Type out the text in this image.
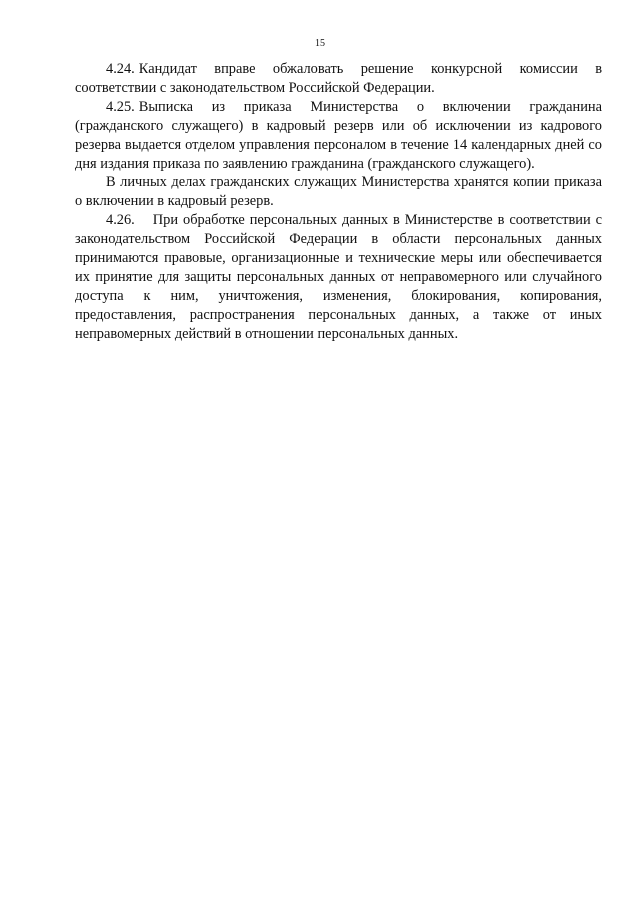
15

4.24. Кандидат вправе обжаловать решение конкурсной комиссии в соответствии с законодательством Российской Федерации.

4.25. Выписка из приказа Министерства о включении гражданина (гражданского служащего) в кадровый резерв или об исключении из кадрового резерва выдается отделом управления персоналом в течение 14 календарных дней со дня издания приказа по заявлению гражданина (гражданского служащего).

В личных делах гражданских служащих Министерства хранятся копии приказа о включении в кадровый резерв.

4.26. При обработке персональных данных в Министерстве в соответствии с законодательством Российской Федерации в области персональных данных принимаются правовые, организационные и технические меры или обеспечивается их принятие для защиты персональных данных от неправомерного или случайного доступа к ним, уничтожения, изменения, блокирования, копирования, предоставления, распространения персональных данных, а также от иных неправомерных действий в отношении персональных данных.
